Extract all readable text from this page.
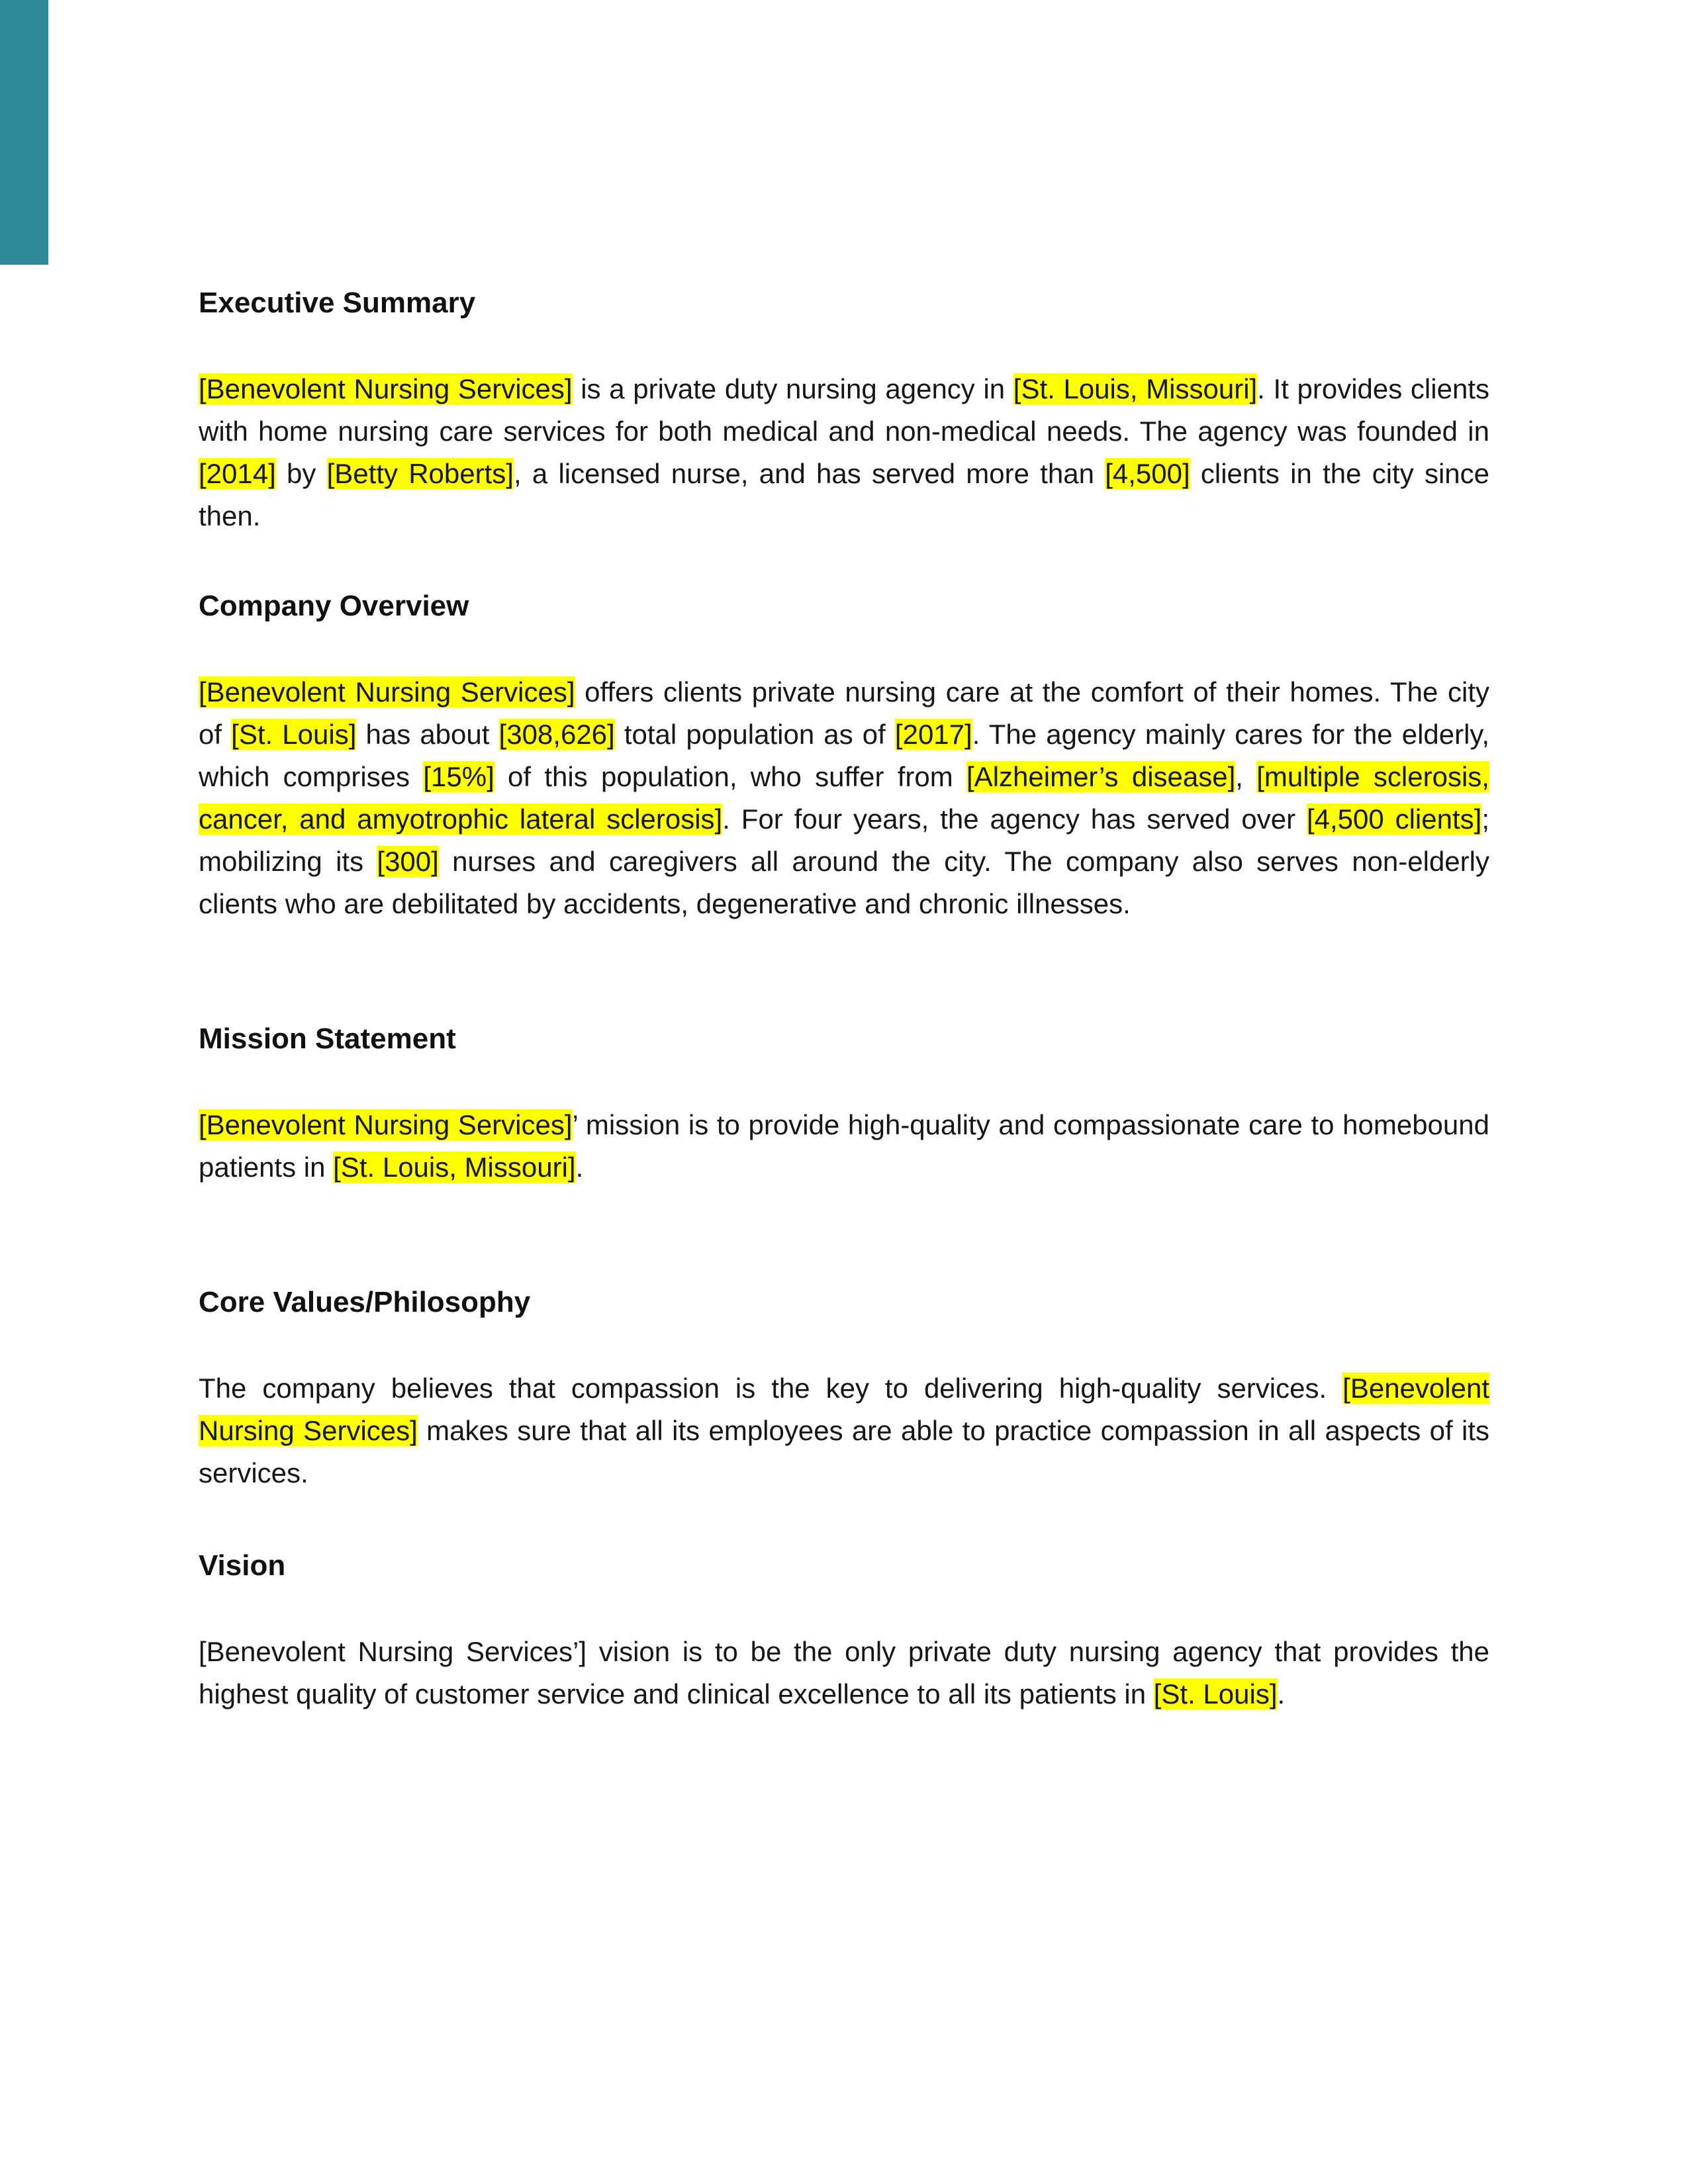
Executive Summary

[Benevolent Nursing Services] is a private duty nursing agency in [St. Louis, Missouri]. It provides clients with home nursing care services for both medical and non-medical needs. The agency was founded in [2014] by [Betty Roberts], a licensed nurse, and has served more than [4,500] clients in the city since then.

Company Overview

[Benevolent Nursing Services] offers clients private nursing care at the comfort of their homes. The city of [St. Louis] has about [308,626] total population as of [2017]. The agency mainly cares for the elderly, which comprises [15%] of this population, who suffer from [Alzheimer’s disease], [multiple sclerosis, cancer, and amyotrophic lateral sclerosis]. For four years, the agency has served over [4,500 clients]; mobilizing its [300] nurses and caregivers all around the city. The company also serves non-elderly clients who are debilitated by accidents, degenerative and chronic illnesses.

Mission Statement

[Benevolent Nursing Services]’ mission is to provide high-quality and compassionate care to homebound patients in [St. Louis, Missouri].

Core Values/Philosophy

The company believes that compassion is the key to delivering high-quality services. [Benevolent Nursing Services] makes sure that all its employees are able to practice compassion in all aspects of its services.

Vision

[Benevolent Nursing Services’] vision is to be the only private duty nursing agency that provides the highest quality of customer service and clinical excellence to all its patients in [St. Louis].
